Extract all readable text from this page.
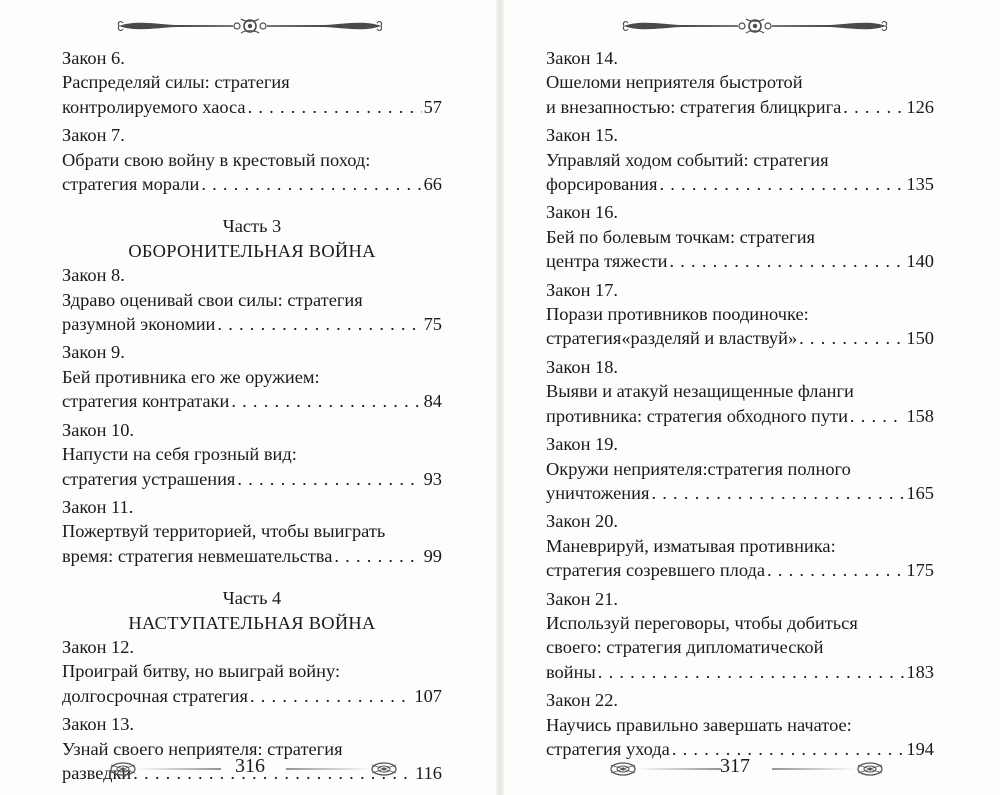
Закон 6.
Распределяй силы: стратегия
контролируемого хаоса . . .	57
Закон 7.
Обрати свою войну в крестовый поход:
стратегия морали . . .	66
Часть 3
ОБОРОНИТЕЛЬНАЯ ВОЙНА
Закон 8.
Здраво оценивай свои силы: стратегия
разумной экономии . . .	75
Закон 9.
Бей противника его же оружием:
стратегия контратаки . . .	84
Закон 10.
Напусти на себя грозный вид:
стратегия устрашения . . .	93
Закон 11.
Пожертвуй территорией, чтобы выиграть
время: стратегия невмешательства . . .	99
Часть 4
НАСТУПАТЕЛЬНАЯ ВОЙНА
Закон 12.
Проиграй битву, но выиграй войну:
долгосрочная стратегия . . .	107
Закон 13.
Узнай своего неприятеля: стратегия
разведки . . .	116
316
Закон 14.
Ошеломи неприятеля быстротой
и внезапностью: стратегия блицкрига . . .	126
Закон 15.
Управляй ходом событий: стратегия
форсирования . . .	135
Закон 16.
Бей по болевым точкам: стратегия
центра тяжести . . .	140
Закон 17.
Порази противников поодиночке:
стратегия«разделяй и властвуй» . . .	150
Закон 18.
Выяви и атакуй незащищенные фланги
противника: стратегия обходного пути . . .	158
Закон 19.
Окружи неприятеля:стратегия полного
уничтожения . . .	165
Закон 20.
Маневрируй, изматывая противника:
стратегия созревшего плода . . .	175
Закон 21.
Используй переговоры, чтобы добиться
своего: стратегия дипломатической
войны . . .	183
Закон 22.
Научись правильно завершать начатое:
стратегия ухода . . .	194
317
